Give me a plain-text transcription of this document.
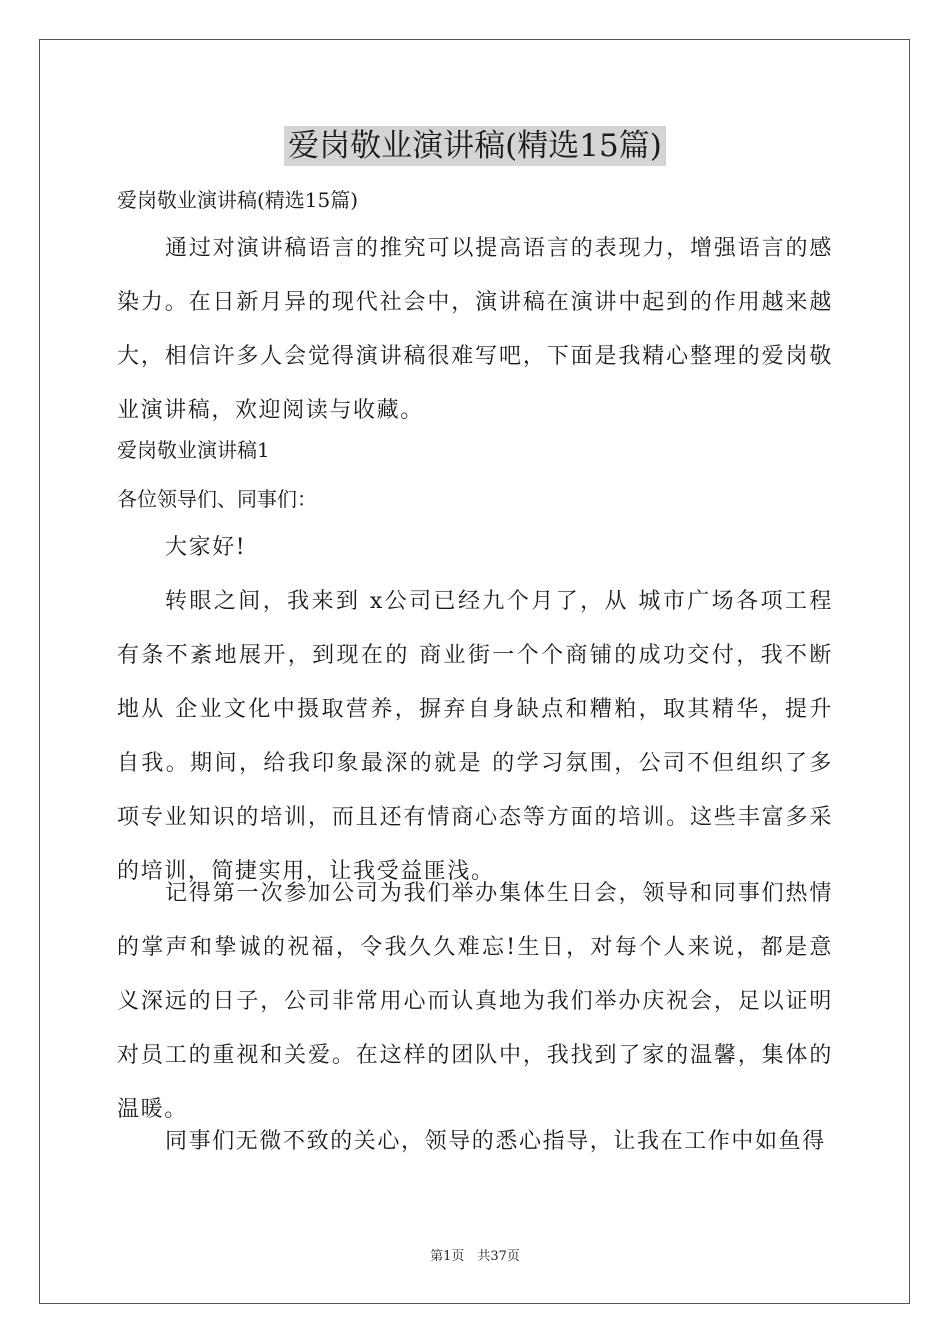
爱岗敬业演讲稿(精选15篇)
爱岗敬业演讲稿(精选15篇)
通过对演讲稿语言的推究可以提高语言的表现力，增强语言的感染力。在日新月异的现代社会中，演讲稿在演讲中起到的作用越来越大，相信许多人会觉得演讲稿很难写吧，下面是我精心整理的爱岗敬业演讲稿，欢迎阅读与收藏。
爱岗敬业演讲稿1
各位领导们、同事们：
大家好!
转眼之间，我来到 x公司已经九个月了，从 城市广场各项工程有条不紊地展开，到现在的 商业街一个个商铺的成功交付，我不断地从 企业文化中摄取营养，摒弃自身缺点和糟粕，取其精华，提升自我。期间，给我印象最深的就是 的学习氛围，公司不但组织了多项专业知识的培训，而且还有情商心态等方面的培训。这些丰富多采的培训，简捷实用，让我受益匪浅。
记得第一次参加公司为我们举办集体生日会，领导和同事们热情的掌声和挚诚的祝福，令我久久难忘!生日，对每个人来说，都是意义深远的日子，公司非常用心而认真地为我们举办庆祝会，足以证明对员工的重视和关爱。在这样的团队中，我找到了家的温馨，集体的温暖。
同事们无微不致的关心，领导的悉心指导，让我在工作中如鱼得
第1页　共37页
